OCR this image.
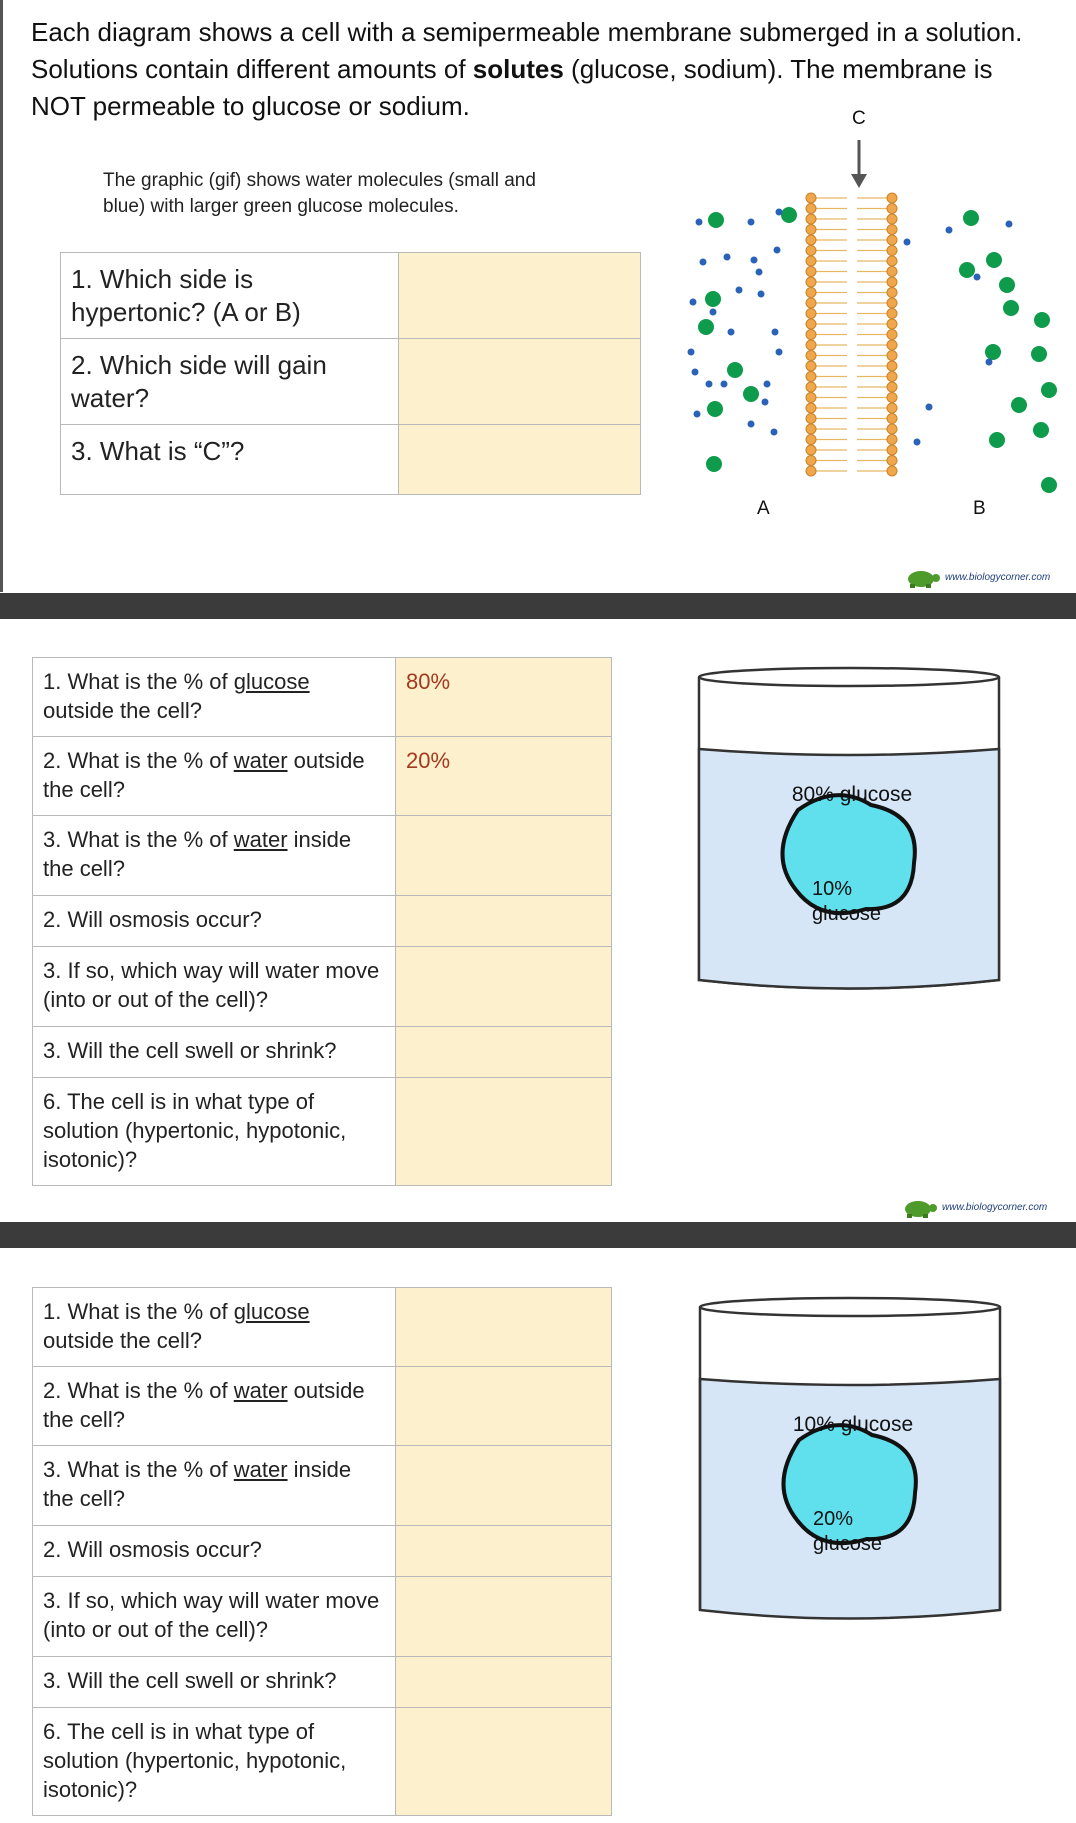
Each diagram shows a cell with a semipermeable membrane submerged in a solution. Solutions contain different amounts of solutes (glucose, sodium). The membrane is NOT permeable to glucose or sodium.
The graphic (gif) shows water molecules (small and blue) with larger green glucose molecules.
1. Which side is hypertonic? (A or B)	
2. Which side will gain water?	
3. What is “C”?	
C
A	B
www.biologycorner.com
1. What is the % of glucose outside the cell?	80%
2. What is the % of water outside the cell?	20%
3. What is the % of water inside the cell?	
2. Will osmosis occur?	
3. If so, which way will water move (into or out of the cell)?	
3. Will the cell swell or shrink?	
6. The cell is in what type of solution (hypertonic, hypotonic, isotonic)?	
80% glucose
10%
glucose
www.biologycorner.com
1. What is the % of glucose outside the cell?	
2. What is the % of water outside the cell?	
3. What is the % of water inside the cell?	
2. Will osmosis occur?	
3. If so, which way will water move (into or out of the cell)?	
3. Will the cell swell or shrink?	
6. The cell is in what type of solution (hypertonic, hypotonic, isotonic)?	
10% glucose
20%
glucose
